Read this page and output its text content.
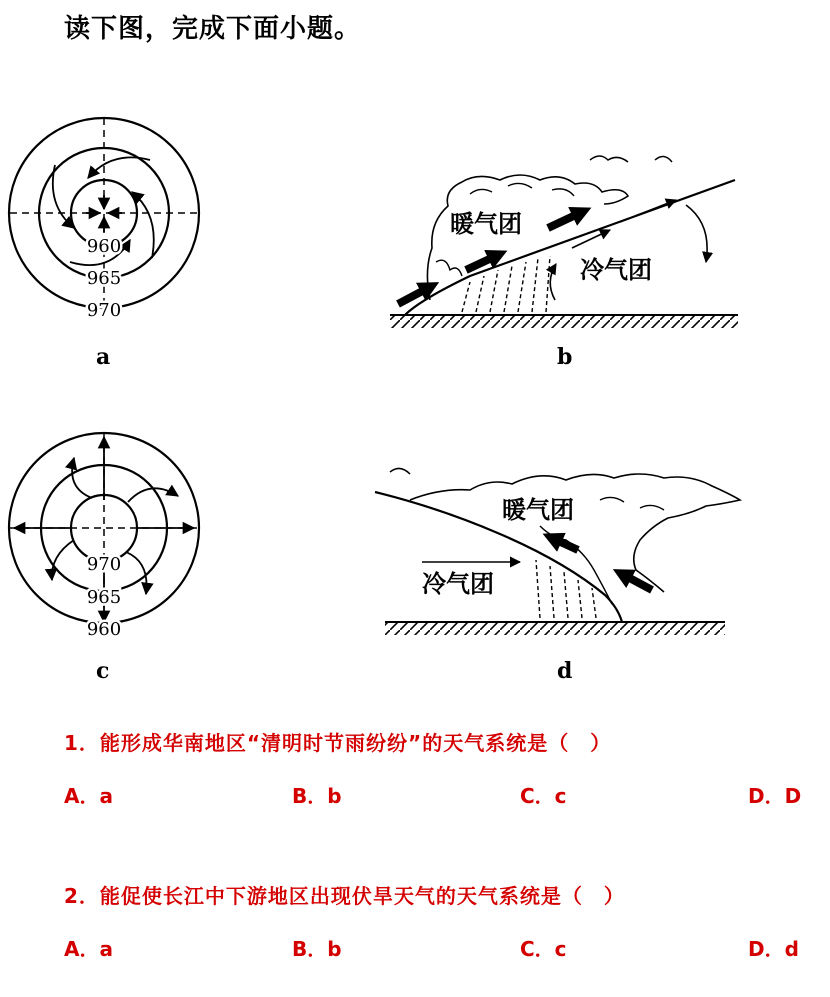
读下图，完成下面小题。
960
965
970
970
965
960
暖气团
冷气团
暖气团
冷气团
a	b
c	d
1．能形成华南地区“清明时节雨纷纷”的天气系统是（　）
A．a	B．b	C．c	D．D
2．能促使长江中下游地区出现伏旱天气的天气系统是（　）
A．a	B．b	C．c	D．d
